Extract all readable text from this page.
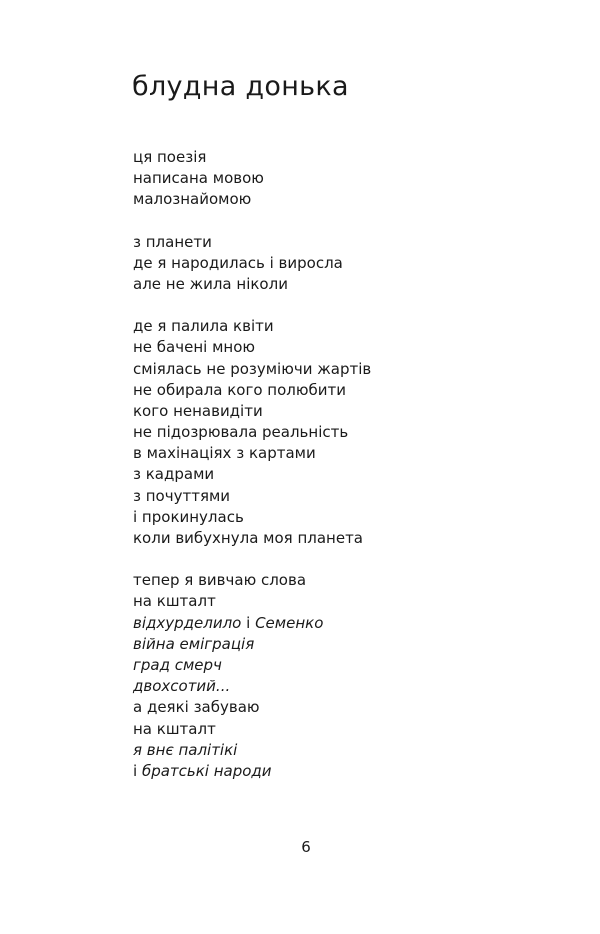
блудна донька
ця поезія
написана мовою
малознайомою
з планети
де я народилась і виросла
але не жила ніколи
де я палила квіти
не бачені мною
сміялась не розуміючи жартів
не обирала кого полюбити
кого ненавидіти
не підозрювала реальність
в махінаціях з картами
з кадрами
з почуттями
і прокинулась
коли вибухнула моя планета
тепер я вивчаю слова
на кшталт
відхурделило і Семенко
війна еміграція
град смерч
двохсотий...
а деякі забуваю
на кшталт
я внє палітікі
і братські народи
6
